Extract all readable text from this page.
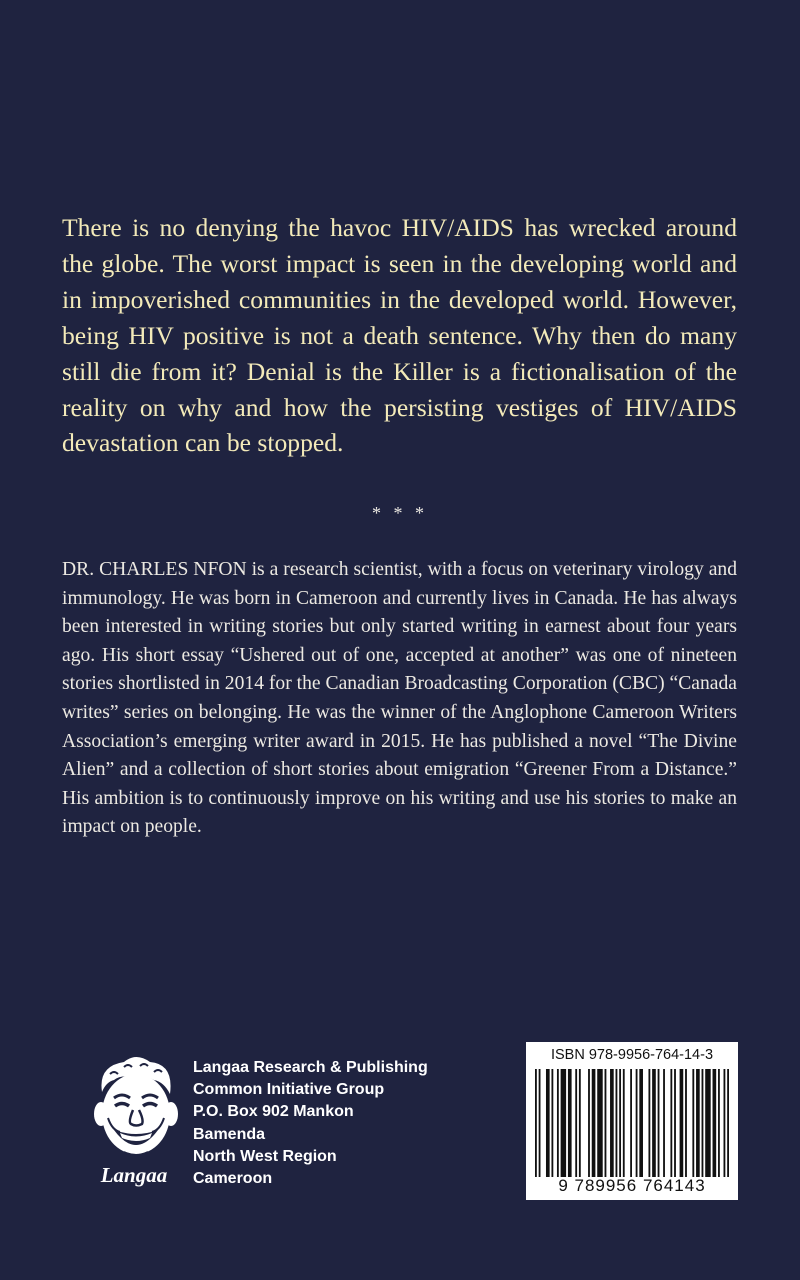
There is no denying the havoc HIV/AIDS has wrecked around the globe. The worst impact is seen in the developing world and in impoverished communities in the developed world. However, being HIV positive is not a death sentence. Why then do many still die from it? Denial is the Killer is a fictionalisation of the reality on why and how the persisting vestiges of HIV/AIDS devastation can be stopped.

* * *

DR. CHARLES NFON is a research scientist, with a focus on veterinary virology and immunology. He was born in Cameroon and currently lives in Canada. He has always been interested in writing stories but only started writing in earnest about four years ago. His short essay “Ushered out of one, accepted at another” was one of nineteen stories shortlisted in 2014 for the Canadian Broadcasting Corporation (CBC) “Canada writes” series on belonging. He was the winner of the Anglophone Cameroon Writers Association’s emerging writer award in 2015. He has published a novel “The Divine Alien” and a collection of short stories about emigration “Greener From a Distance.” His ambition is to continuously improve on his writing and use his stories to make an impact on people.

Langaa
Langaa Research & Publishing
Common Initiative Group
P.O. Box 902 Mankon
Bamenda
North West Region
Cameroon
ISBN 978-9956-764-14-3
9 789956 764143
